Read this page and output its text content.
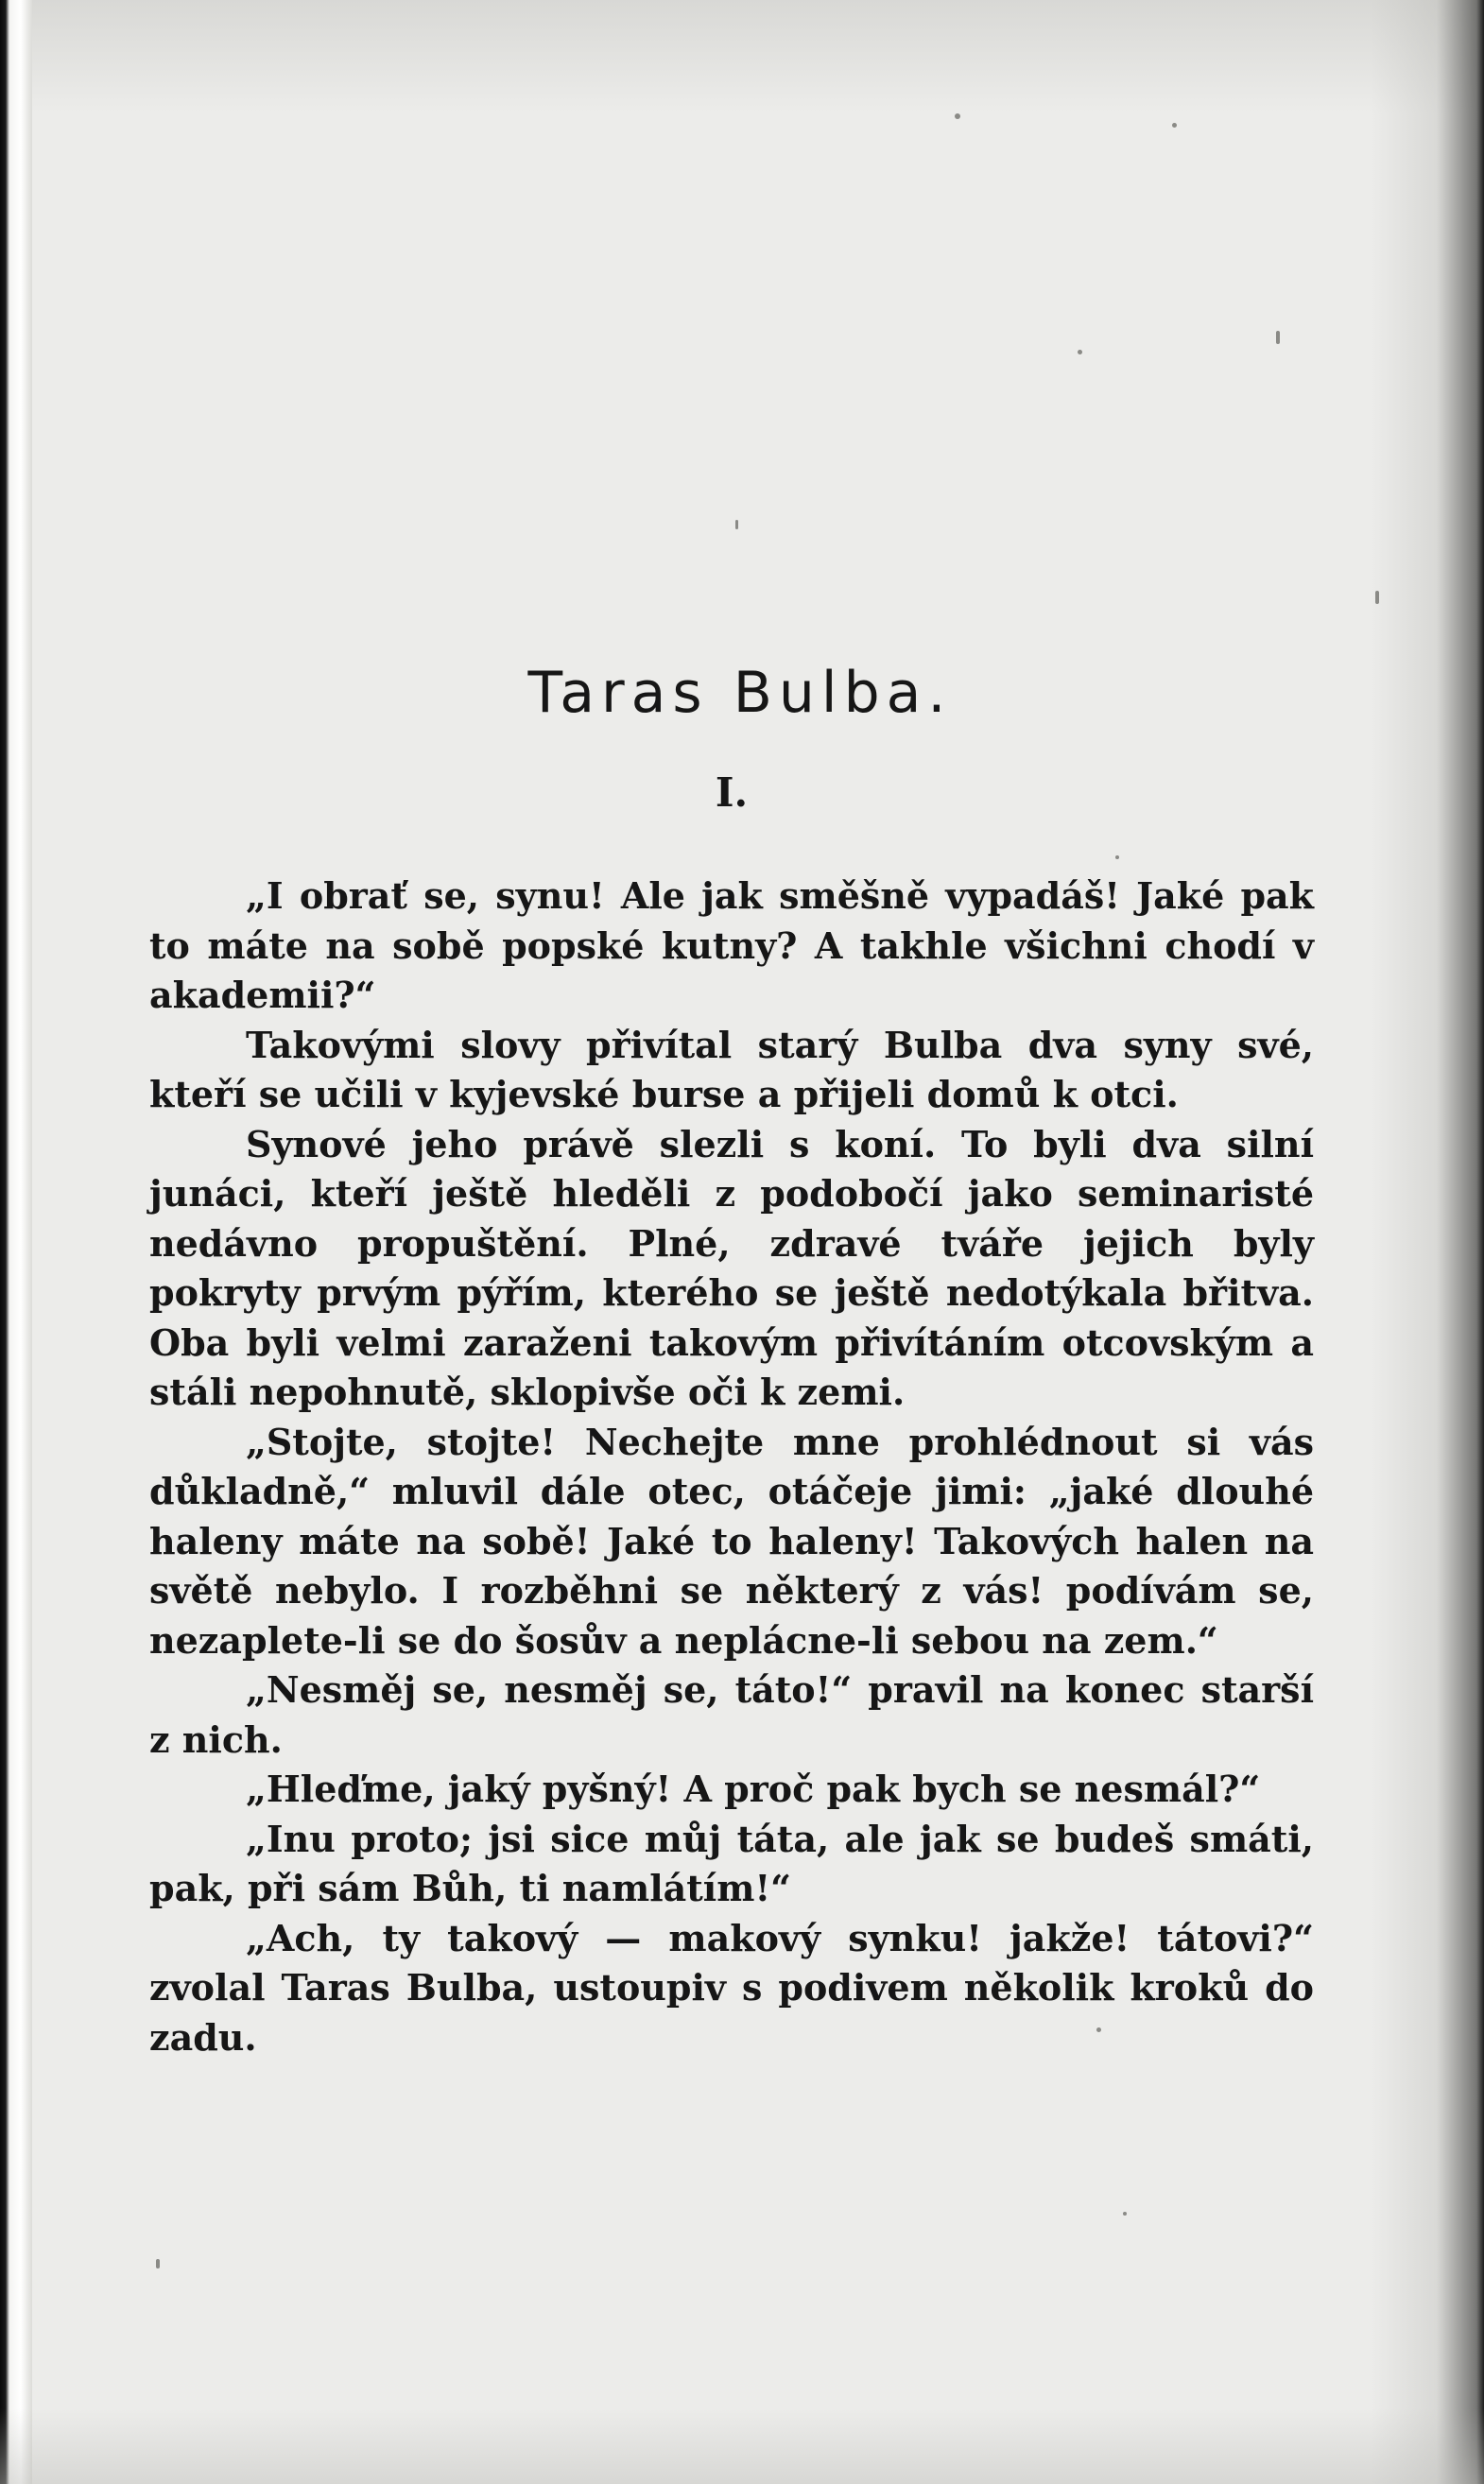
Taras Bulba.
I.

„I obrať se, synu! Ale jak směšně vypadáš! Jaké pak to máte na sobě popské kutny? A takhle všichni chodí v akademii?“

Takovými slovy přivítal starý Bulba dva syny své, kteří se učili v kyjevské burse a přijeli domů k otci.

Synové jeho právě slezli s koní. To byli dva silní junáci, kteří ještě hleděli z podobočí jako seminaristé nedávno propuštění. Plné, zdravé tváře jejich byly pokryty prvým pýřím, kterého se ještě nedotýkala břitva. Oba byli velmi zaraženi takovým přivítáním otcovským a stáli nepohnutě, sklopivše oči k zemi.

„Stojte, stojte! Nechejte mne prohlédnout si vás důkladně,“ mluvil dále otec, otáčeje jimi: „jaké dlouhé haleny máte na sobě! Jaké to haleny! Takových halen na světě nebylo. I rozběhni se některý z vás! podívám se, nezaplete-li se do šosův a neplácne-li sebou na zem.“

„Nesměj se, nesměj se, táto!“ pravil na konec starší z nich.

„Hleďme, jaký pyšný! A proč pak bych se nesmál?“

„Inu proto; jsi sice můj táta, ale jak se budeš smáti, pak, při sám Bůh, ti namlátím!“

„Ach, ty takový — makový synku! jakže! tátovi?“ zvolal Taras Bulba, ustoupiv s podivem několik kroků do zadu.
